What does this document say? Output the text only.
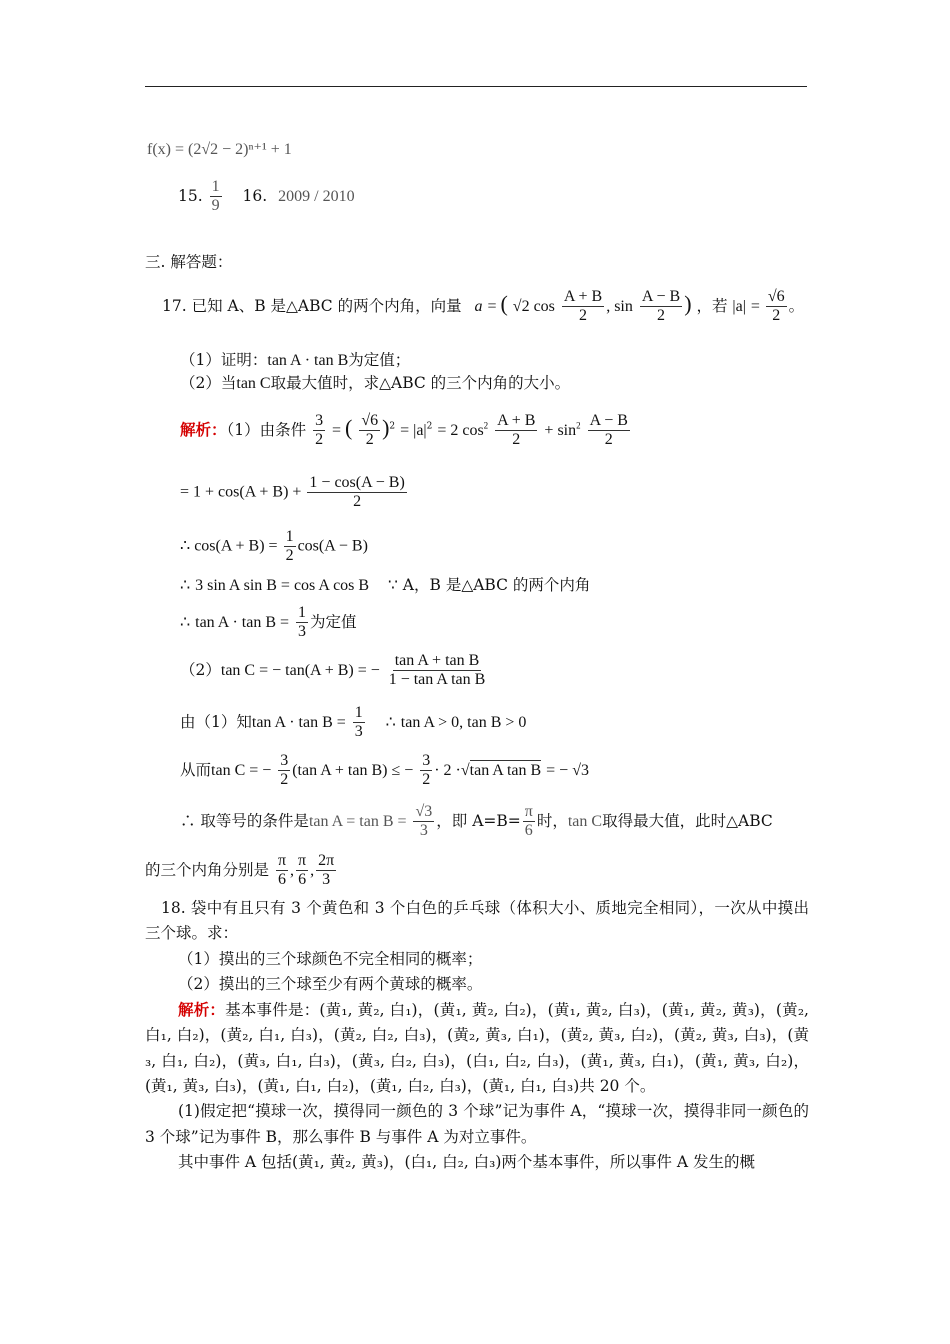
f(x) = (2√2 − 2)ⁿ⁺¹ + 1
15. $\frac{1}{9} 16$. 2009 / 2010
三. 解答题：
17. 已知 A、B 是△ABC 的两个内角，向量 a = ( √2 $\cos \frac{A + B}{2}$ , $\sin \frac{A - B}{2}$ ) ，若 $|a| = \frac{√6}{2}$ 。
（1）证明：tan A · tan B为定值；
（2）当tan C取最大值时，求△ABC 的三个内角的大小。
解析：（1）由条件 $\frac{3}{2}$ = ( $\frac{√6}{2} )^2 = |a|^2 = 2$ $\cos^2 \frac{A + B}{2} + \sin^2 \frac{A - B}{2}$
= $1 + \cos(A + B) + \frac{1 - \cos(A - B)}{2}$
∴ $\cos(A + B) = \frac{1}{2} \cos(A - B)$
∴ 3 sin A sin B = cos A cos B ∵ A，B 是△ABC 的两个内角
∴ $\tan A \cdot \tan B = \frac{1}{3}$ 为定值
（2）tan C = − tan(A + B) = − $\frac{\text{tan A + tan B}}{\text{1 − tan A tan B}}$
由（1）知$\tan A \cdot \tan B = \frac{1}{3}$ ∴ tan A > 0, tan B > 0
从而tan C = − $\frac{3}{2} (\tan$ A + tan B) ≤ − $\frac{3}{2} \cdot 2 \cdot√\tan$ A tan B = − √3
∴ 取等号的条件是$\tan A = \tan B = \frac{√3}{3}$ ，即 $A=B= \frac{\pi}{6}$ 时，tan C取得最大值，此时△ABC
的三个内角分别是 $\frac{\pi}{6}$ , $\frac{\pi}{6}$ , $\frac{2\pi}{3}$

18. 袋中有且只有 3 个黄色和 3 个白色的乒乓球（体积大小、质地完全相同），一次从中摸出三个球。求：

（1）摸出的三个球颜色不完全相同的概率；

（2）摸出的三个球至少有两个黄球的概率。

解析：基本事件是：(黄₁, 黄₂, 白₁)，(黄₁, 黄₂, 白₂)，(黄₁, 黄₂, 白₃)，(黄₁, 黄₂, 黄₃)，(黄₂, 白₁, 白₂)，(黄₂, 白₁, 白₃)，(黄₂, 白₂, 白₃)，(黄₂, 黄₃, 白₁)，(黄₂, 黄₃, 白₂)，(黄₂, 黄₃, 白₃)，(黄₃, 白₁, 白₂)，(黄₃, 白₁, 白₃)，(黄₃, 白₂, 白₃)，(白₁, 白₂, 白₃)，(黄₁, 黄₃, 白₁)，(黄₁, 黄₃, 白₂)，(黄₁, 黄₃, 白₃)，(黄₁, 白₁, 白₂)，(黄₁, 白₂, 白₃)，(黄₁, 白₁, 白₃)共 20 个。

(1)假定把“摸球一次，摸得同一颜色的 3 个球”记为事件 A，“摸球一次，摸得非同一颜色的 3 个球”记为事件 B，那么事件 B 与事件 A 为对立事件。

其中事件 A 包括(黄₁, 黄₂, 黄₃)，(白₁, 白₂, 白₃)两个基本事件，所以事件 A 发生的概
